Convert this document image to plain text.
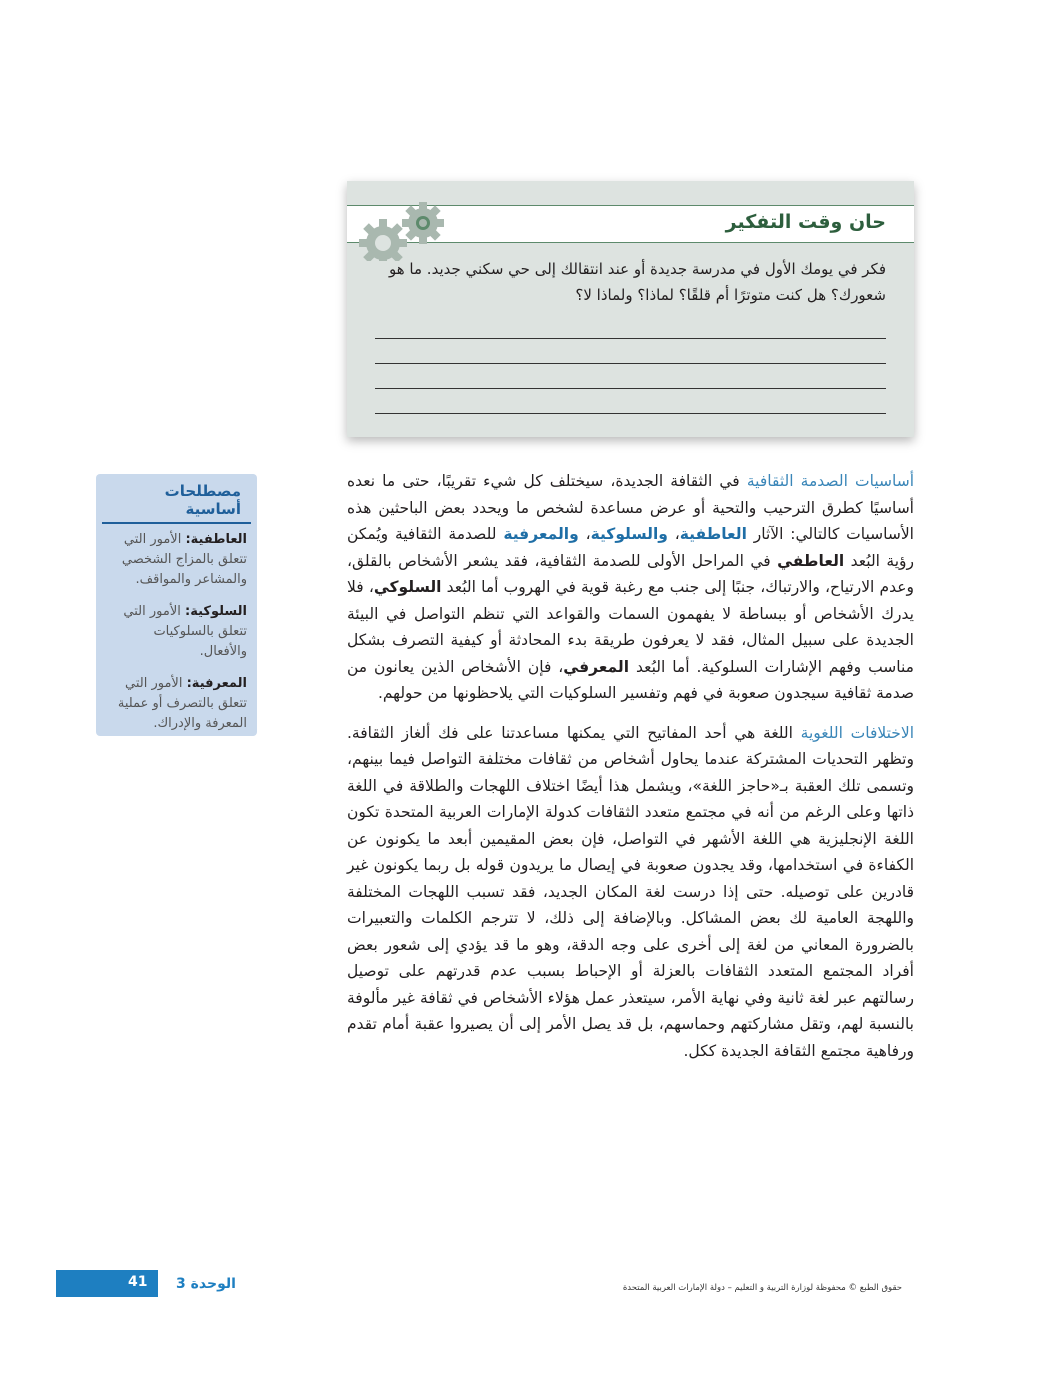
حان وقت التفكير

فكر في يومك الأول في مدرسة جديدة أو عند انتقالك إلى حي سكني جديد. ما هو شعورك؟ هل كنت متوترًا أم قلقًا؟ لماذا؟ ولماذا لا؟

أساسيات الصدمة الثقافية في الثقافة الجديدة، سيختلف كل شيء تقريبًا، حتى ما نعده أساسيًا كطرق الترحيب والتحية أو عرض مساعدة لشخص ما ويحدد بعض الباحثين هذه الأساسيات كالتالي: الآثار العاطفية، والسلوكية، والمعرفية للصدمة الثقافية ويُمكن رؤية البُعد العاطفي في المراحل الأولى للصدمة الثقافية، فقد يشعر الأشخاص بالقلق، وعدم الارتياح، والارتباك، جنبًا إلى جنب مع رغبة قوية في الهروب أما البُعد السلوكي، فلا يدرك الأشخاص أو ببساطة لا يفهمون السمات والقواعد التي تنظم التواصل في البيئة الجديدة على سبيل المثال، فقد لا يعرفون طريقة بدء المحادثة أو كيفية التصرف بشكل مناسب وفهم الإشارات السلوكية. أما البُعد المعرفي، فإن الأشخاص الذين يعانون من صدمة ثقافية سيجدون صعوبة في فهم وتفسير السلوكيات التي يلاحظونها من حولهم.

الاختلافات اللغوية اللغة هي أحد المفاتيح التي يمكنها مساعدتنا على فك ألغاز الثقافة. وتظهر التحديات المشتركة عندما يحاول أشخاص من ثقافات مختلفة التواصل فيما بينهم، وتسمى تلك العقبة بـ«حاجز اللغة»، ويشمل هذا أيضًا اختلاف اللهجات والطلاقة في اللغة ذاتها وعلى الرغم من أنه في مجتمع متعدد الثقافات كدولة الإمارات العربية المتحدة تكون اللغة الإنجليزية هي اللغة الأشهر في التواصل، فإن بعض المقيمين أبعد ما يكونون عن الكفاءة في استخدامها، وقد يجدون صعوبة في إيصال ما يريدون قوله بل ربما يكونون غير قادرين على توصيله. حتى إذا درست لغة المكان الجديد، فقد تسبب اللهجات المختلفة واللهجة العامية لك بعض المشاكل. وبالإضافة إلى ذلك، لا تترجم الكلمات والتعبيرات بالضرورة المعاني من لغة إلى أخرى على وجه الدقة، وهو ما قد يؤدي إلى شعور بعض أفراد المجتمع المتعدد الثقافات بالعزلة أو الإحباط بسبب عدم قدرتهم على توصيل رسالتهم عبر لغة ثانية وفي نهاية الأمر، سيتعذر عمل هؤلاء الأشخاص في ثقافة غير مألوفة بالنسبة لهم، وتقل مشاركتهم وحماسهم، بل قد يصل الأمر إلى أن يصيروا عقبة أمام تقدم ورفاهية مجتمع الثقافة الجديدة ككل.

مصطلحات أساسية

العاطفية: الأمور التي تتعلق بالمزاج الشخصي والمشاعر والمواقف.

السلوكية: الأمور التي تتعلق بالسلوكيات والأفعال.

المعرفية: الأمور التي تتعلق بالتصرف أو عملية المعرفة والإدراك.

41 الوحدة 3	حقوق الطبع © محفوظة لوزارة التربية و التعليم – دولة الإمارات العربية المتحدة
